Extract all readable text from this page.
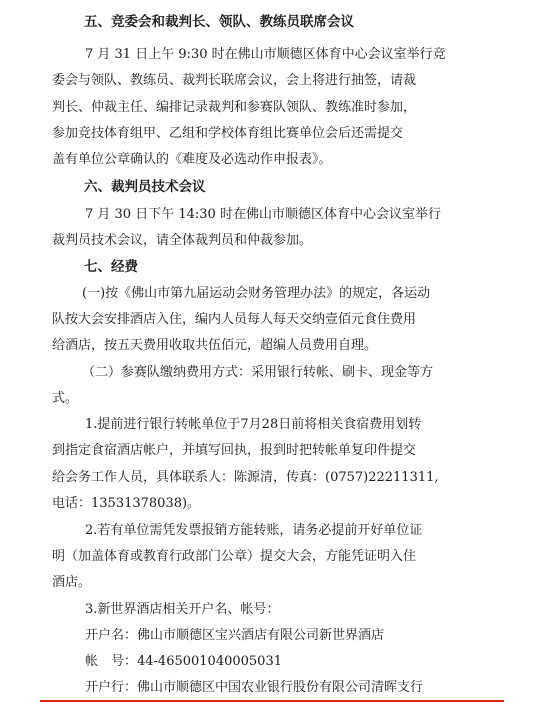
五、竞委会和裁判长、领队、教练员联席会议
7 月 31 日上午 9:30 时在佛山市顺德区体育中心会议室举行竞
委会与领队、教练员、裁判长联席会议，会上将进行抽签，请裁
判长、仲裁主任、编排记录裁判和参赛队领队、教练准时参加，
参加竞技体育组甲、乙组和学校体育组比赛单位会后还需提交
盖有单位公章确认的《难度及必选动作申报表》。
六、裁判员技术会议
7 月 30 日下午 14:30 时在佛山市顺德区体育中心会议室举行
裁判员技术会议，请全体裁判员和仲裁参加。
七、经费
(一)按《佛山市第九届运动会财务管理办法》的规定，各运动
队按大会安排酒店入住，编内人员每人每天交纳壹佰元食住费用
给酒店，按五天费用收取共伍佰元，超编人员费用自理。
（二）参赛队缴纳费用方式：采用银行转帐、刷卡、现金等方
式。
1.提前进行银行转帐单位于7月28日前将相关食宿费用划转
到指定食宿酒店帐户，并填写回执，报到时把转帐单复印件提交
给会务工作人员，具体联系人：陈源清，传真：(0757)22211311,
电话：13531378038)。
2.若有单位需凭发票报销方能转账，请务必提前开好单位证
明（加盖体育或教育行政部门公章）提交大会，方能凭证明入住
酒店。
3.新世界酒店相关开户名、帐号：
开户名：佛山市顺德区宝兴酒店有限公司新世界酒店
帐　号：44-465001040005031
开户行：佛山市顺德区中国农业银行股份有限公司清晖支行
